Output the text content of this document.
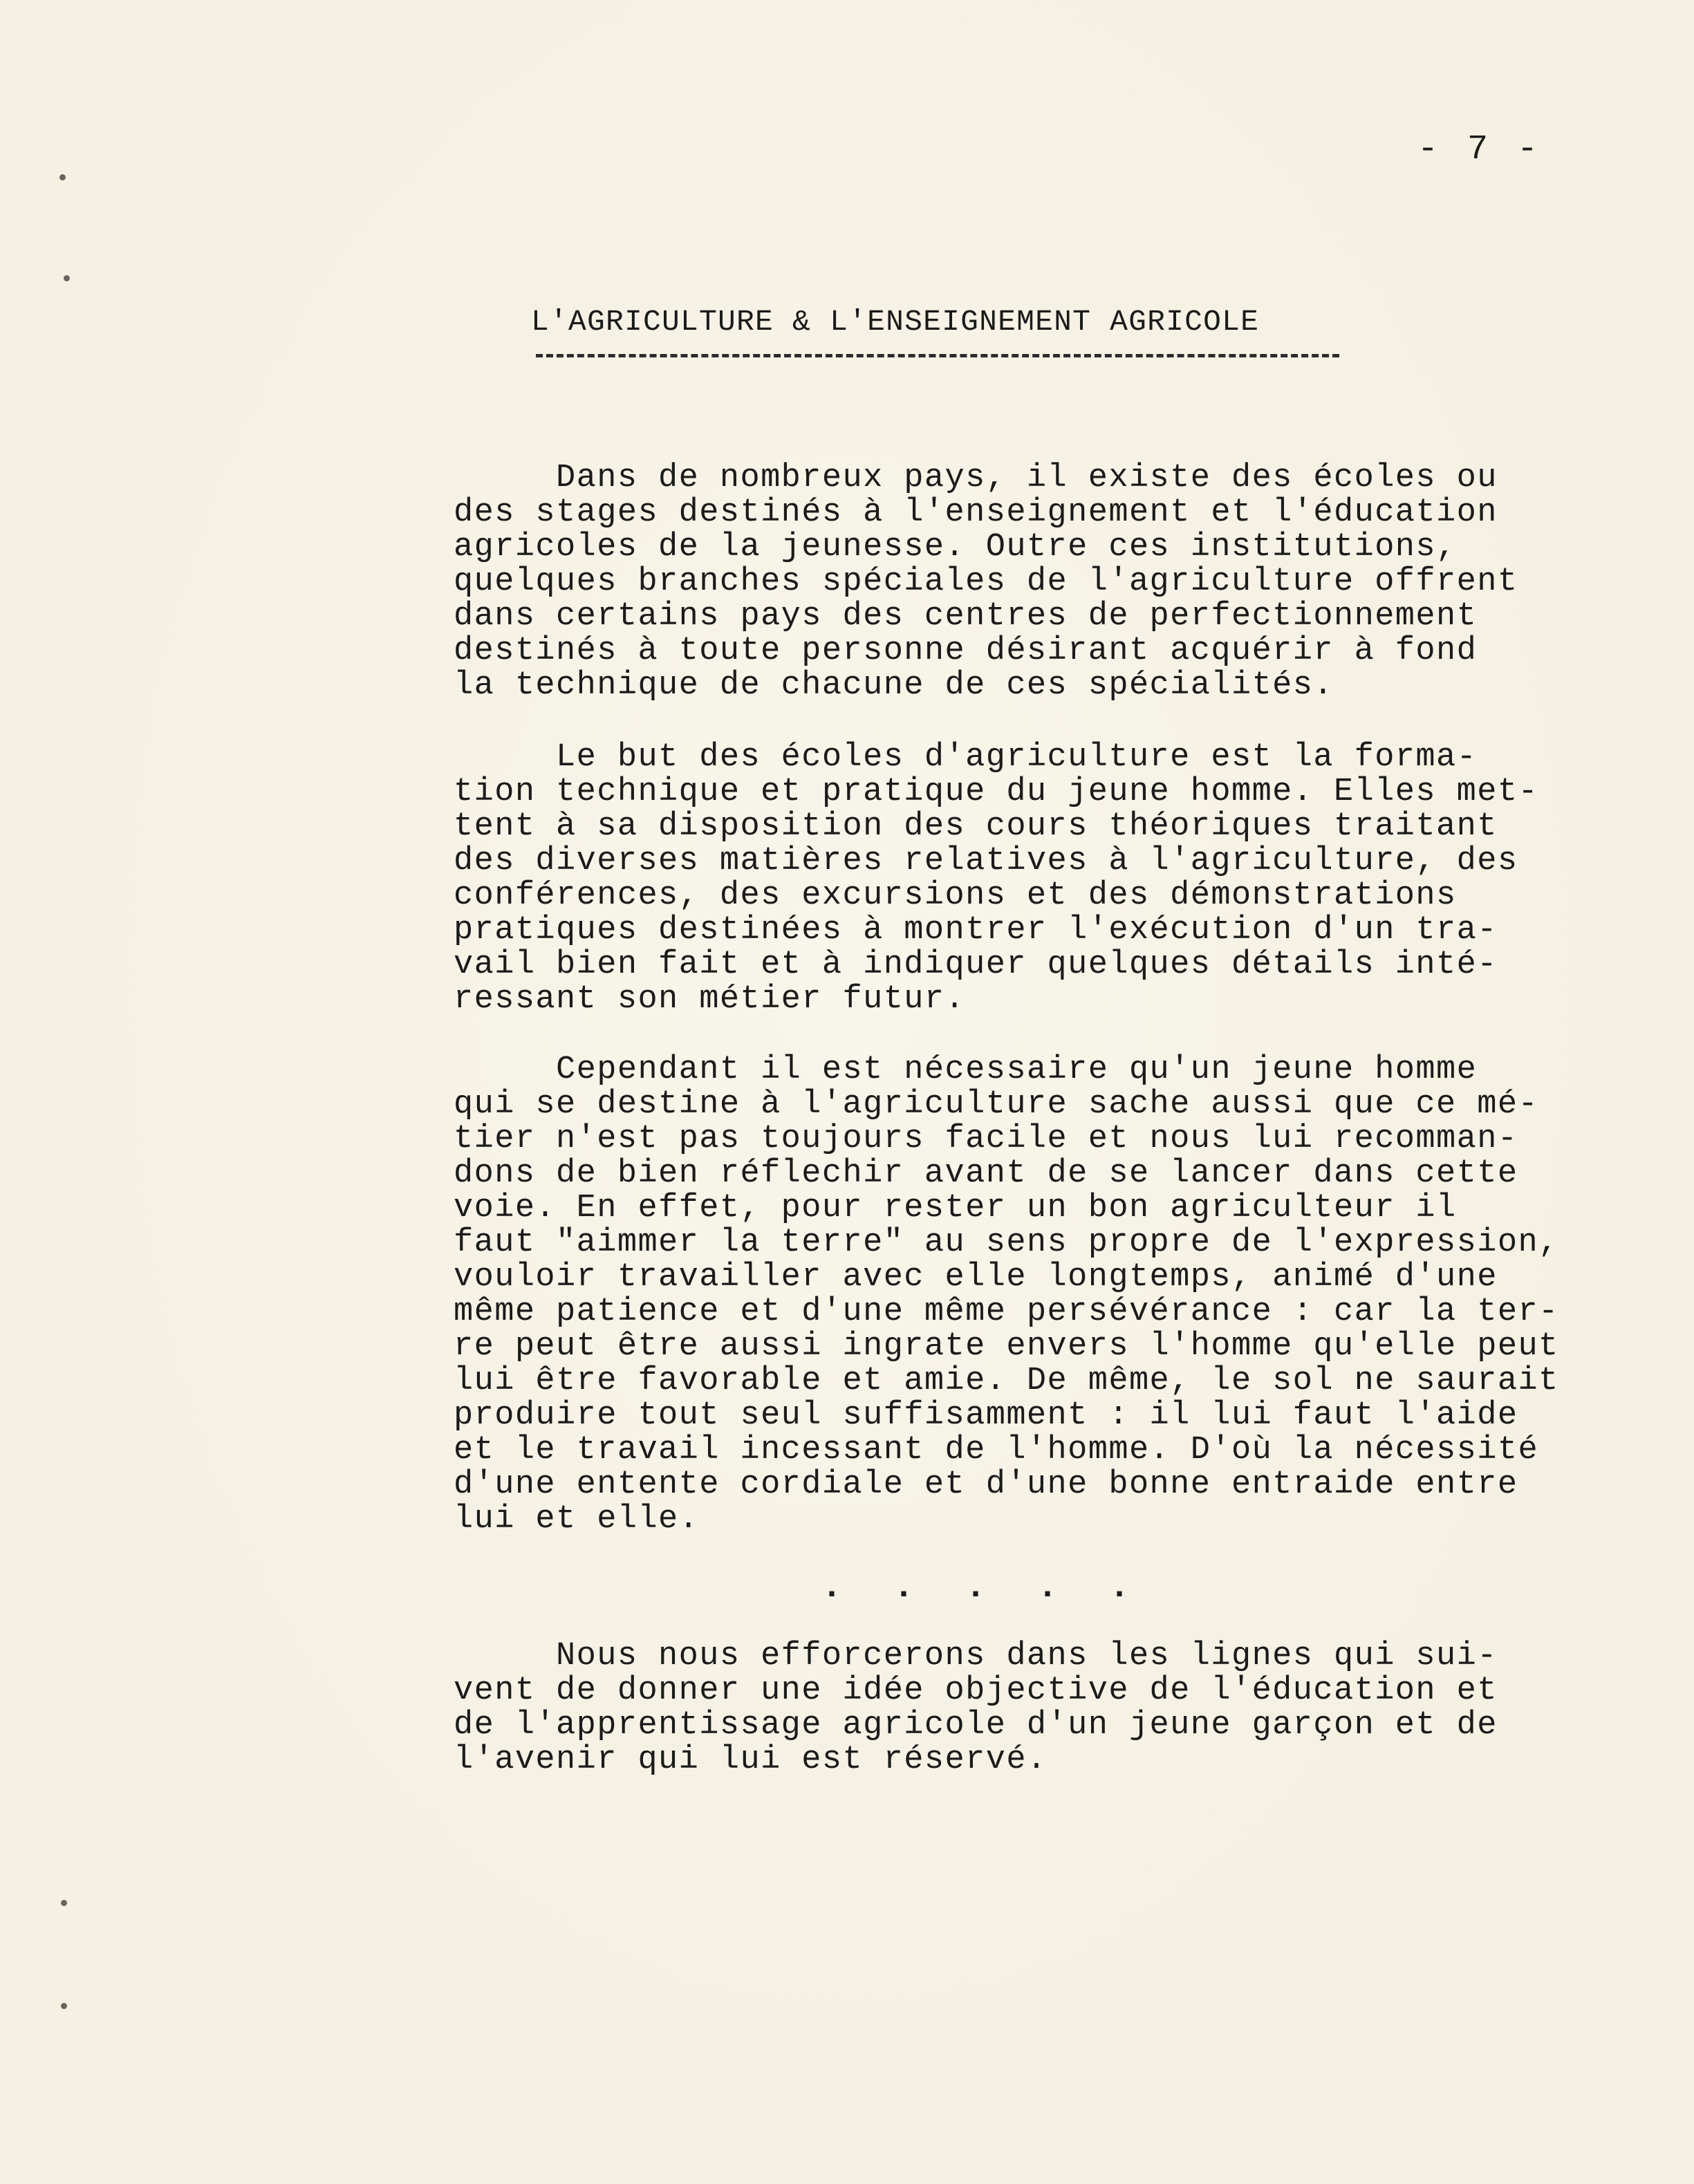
- 7 -
L'AGRICULTURE & L'ENSEIGNEMENT AGRICOLE
Dans de nombreux pays, il existe des écoles ou
des stages destinés à l'enseignement et l'éducation
agricoles de la jeunesse. Outre ces institutions,
quelques branches spéciales de l'agriculture offrent
dans certains pays des centres de perfectionnement
destinés à toute personne désirant acquérir à fond
la technique de chacune de ces spécialités.
Le but des écoles d'agriculture est la forma-
tion technique et pratique du jeune homme. Elles met-
tent à sa disposition des cours théoriques traitant
des diverses matières relatives à l'agriculture, des
conférences, des excursions et des démonstrations
pratiques destinées à montrer l'exécution d'un tra-
vail bien fait et à indiquer quelques détails inté-
ressant son métier futur.
Cependant il est nécessaire qu'un jeune homme
qui se destine à l'agriculture sache aussi que ce mé-
tier n'est pas toujours facile et nous lui recomman-
dons de bien réflechir avant de se lancer dans cette
voie. En effet, pour rester un bon agriculteur il
faut "aimmer la terre" au sens propre de l'expression,
vouloir travailler avec elle longtemps, animé d'une
même patience et d'une même persévérance : car la ter-
re peut être aussi ingrate envers l'homme qu'elle peut
lui être favorable et amie. De même, le sol ne saurait
produire tout seul suffisamment : il lui faut l'aide
et le travail incessant de l'homme. D'où la nécessité
d'une entente cordiale et d'une bonne entraide entre
lui et elle.
. . . . .
Nous nous efforcerons dans les lignes qui sui-
vent de donner une idée objective de l'éducation et
de l'apprentissage agricole d'un jeune garçon et de
l'avenir qui lui est réservé.
